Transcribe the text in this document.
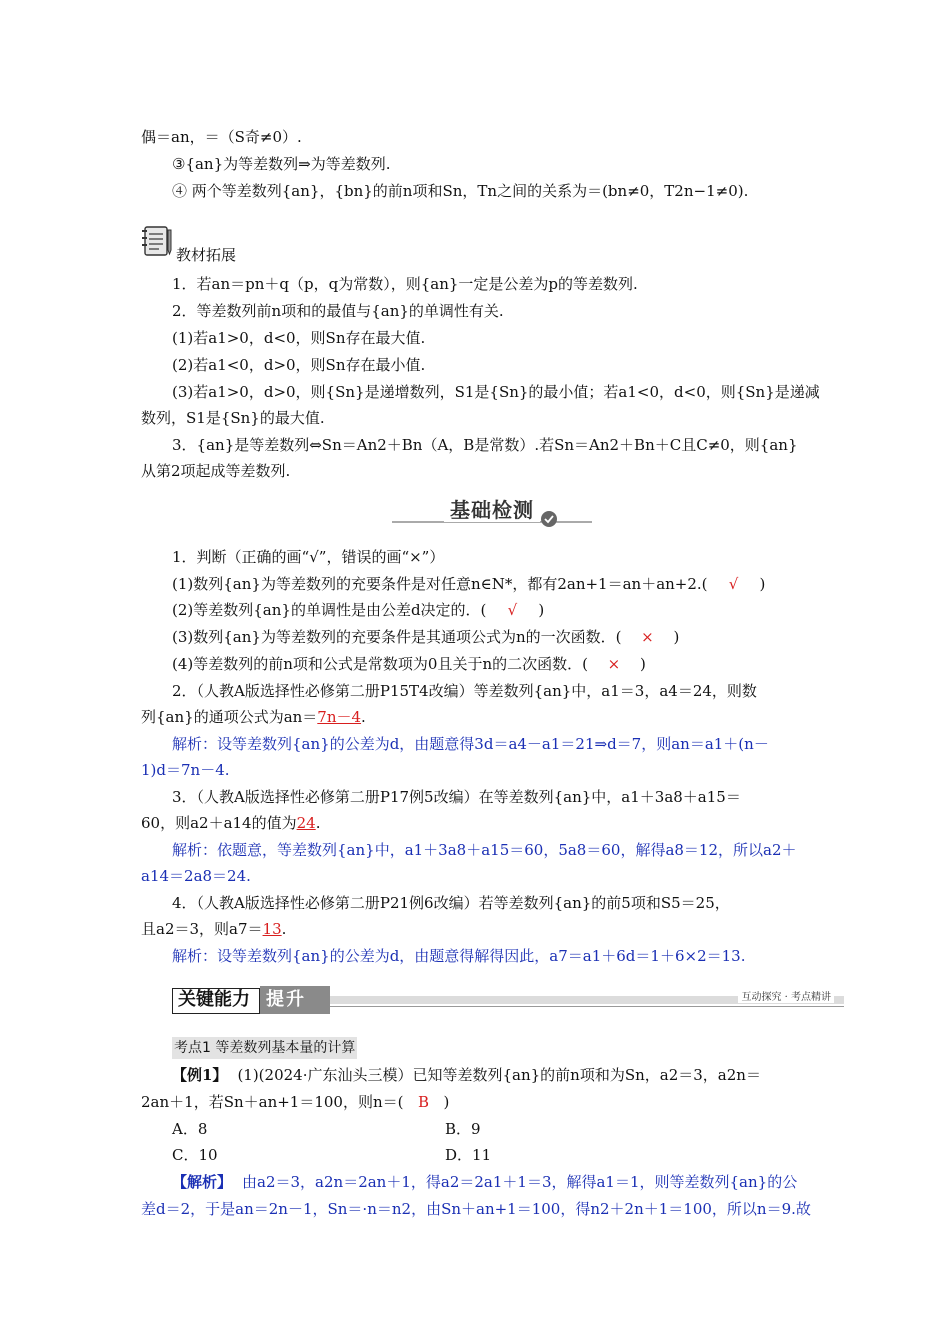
偶＝an，＝（S奇≠0）.
③{an}为等差数列⇒为等差数列.
④ 两个等差数列{an}，{bn}的前n项和Sn，Tn之间的关系为＝(bn≠0，T2n−1≠0).
教材拓展
1．若an＝pn＋q（p，q为常数），则{an}一定是公差为p的等差数列.
2．等差数列前n项和的最值与{an}的单调性有关.
(1)若a1>0，d<0，则Sn存在最大值.
(2)若a1<0，d>0，则Sn存在最小值.
(3)若a1>0，d>0，则{Sn}是递增数列，S1是{Sn}的最小值；若a1<0，d<0，则{Sn}是递减
数列，S1是{Sn}的最大值.
3．{an}是等差数列⇔Sn＝An2＋Bn（A，B是常数）.若Sn＝An2＋Bn＋C且C≠0，则{an}
从第2项起成等差数列.
基础检测
1．判断（正确的画“√”，错误的画“×”）
(1)数列{an}为等差数列的充要条件是对任意n∈N*，都有2an+1＝an＋an+2.( √ )
(2)等差数列{an}的单调性是由公差d决定的．( √ )
(3)数列{an}为等差数列的充要条件是其通项公式为n的一次函数．( × )
(4)等差数列的前n项和公式是常数项为0且关于n的二次函数．( × )
2．（人教A版选择性必修第二册P15T4改编）等差数列{an}中，a1＝3，a4＝24，则数
列{an}的通项公式为an＝7n－4.
解析：设等差数列{an}的公差为d，由题意得3d＝a4－a1＝21⇒d＝7，则an＝a1＋(n－
1)d＝7n－4.
3．（人教A版选择性必修第二册P17例5改编）在等差数列{an}中，a1＋3a8＋a15＝
60，则a2＋a14的值为24.
解析：依题意，等差数列{an}中，a1＋3a8＋a15＝60，5a8＝60，解得a8＝12，所以a2＋
a14＝2a8＝24.
4．（人教A版选择性必修第二册P21例6改编）若等差数列{an}的前5项和S5＝25，
且a2＝3，则a7＝13.
解析：设等差数列{an}的公差为d，由题意得解得因此，a7＝a1＋6d＝1＋6×2＝13.
关键能力 提升	互动探究 · 考点精讲
考点1 等差数列基本量的计算
【例1】 (1)(2024·广东汕头三模）已知等差数列{an}的前n项和为Sn，a2＝3，a2n＝
2an＋1，若Sn＋an+1＝100，则n＝( B )
A．8	B．9
C．10	D．11
【解析】 由a2＝3，a2n＝2an＋1，得a2＝2a1＋1＝3，解得a1＝1，则等差数列{an}的公
差d＝2，于是an＝2n－1，Sn＝·n＝n2，由Sn＋an+1＝100，得n2＋2n＋1＝100，所以n＝9.故
